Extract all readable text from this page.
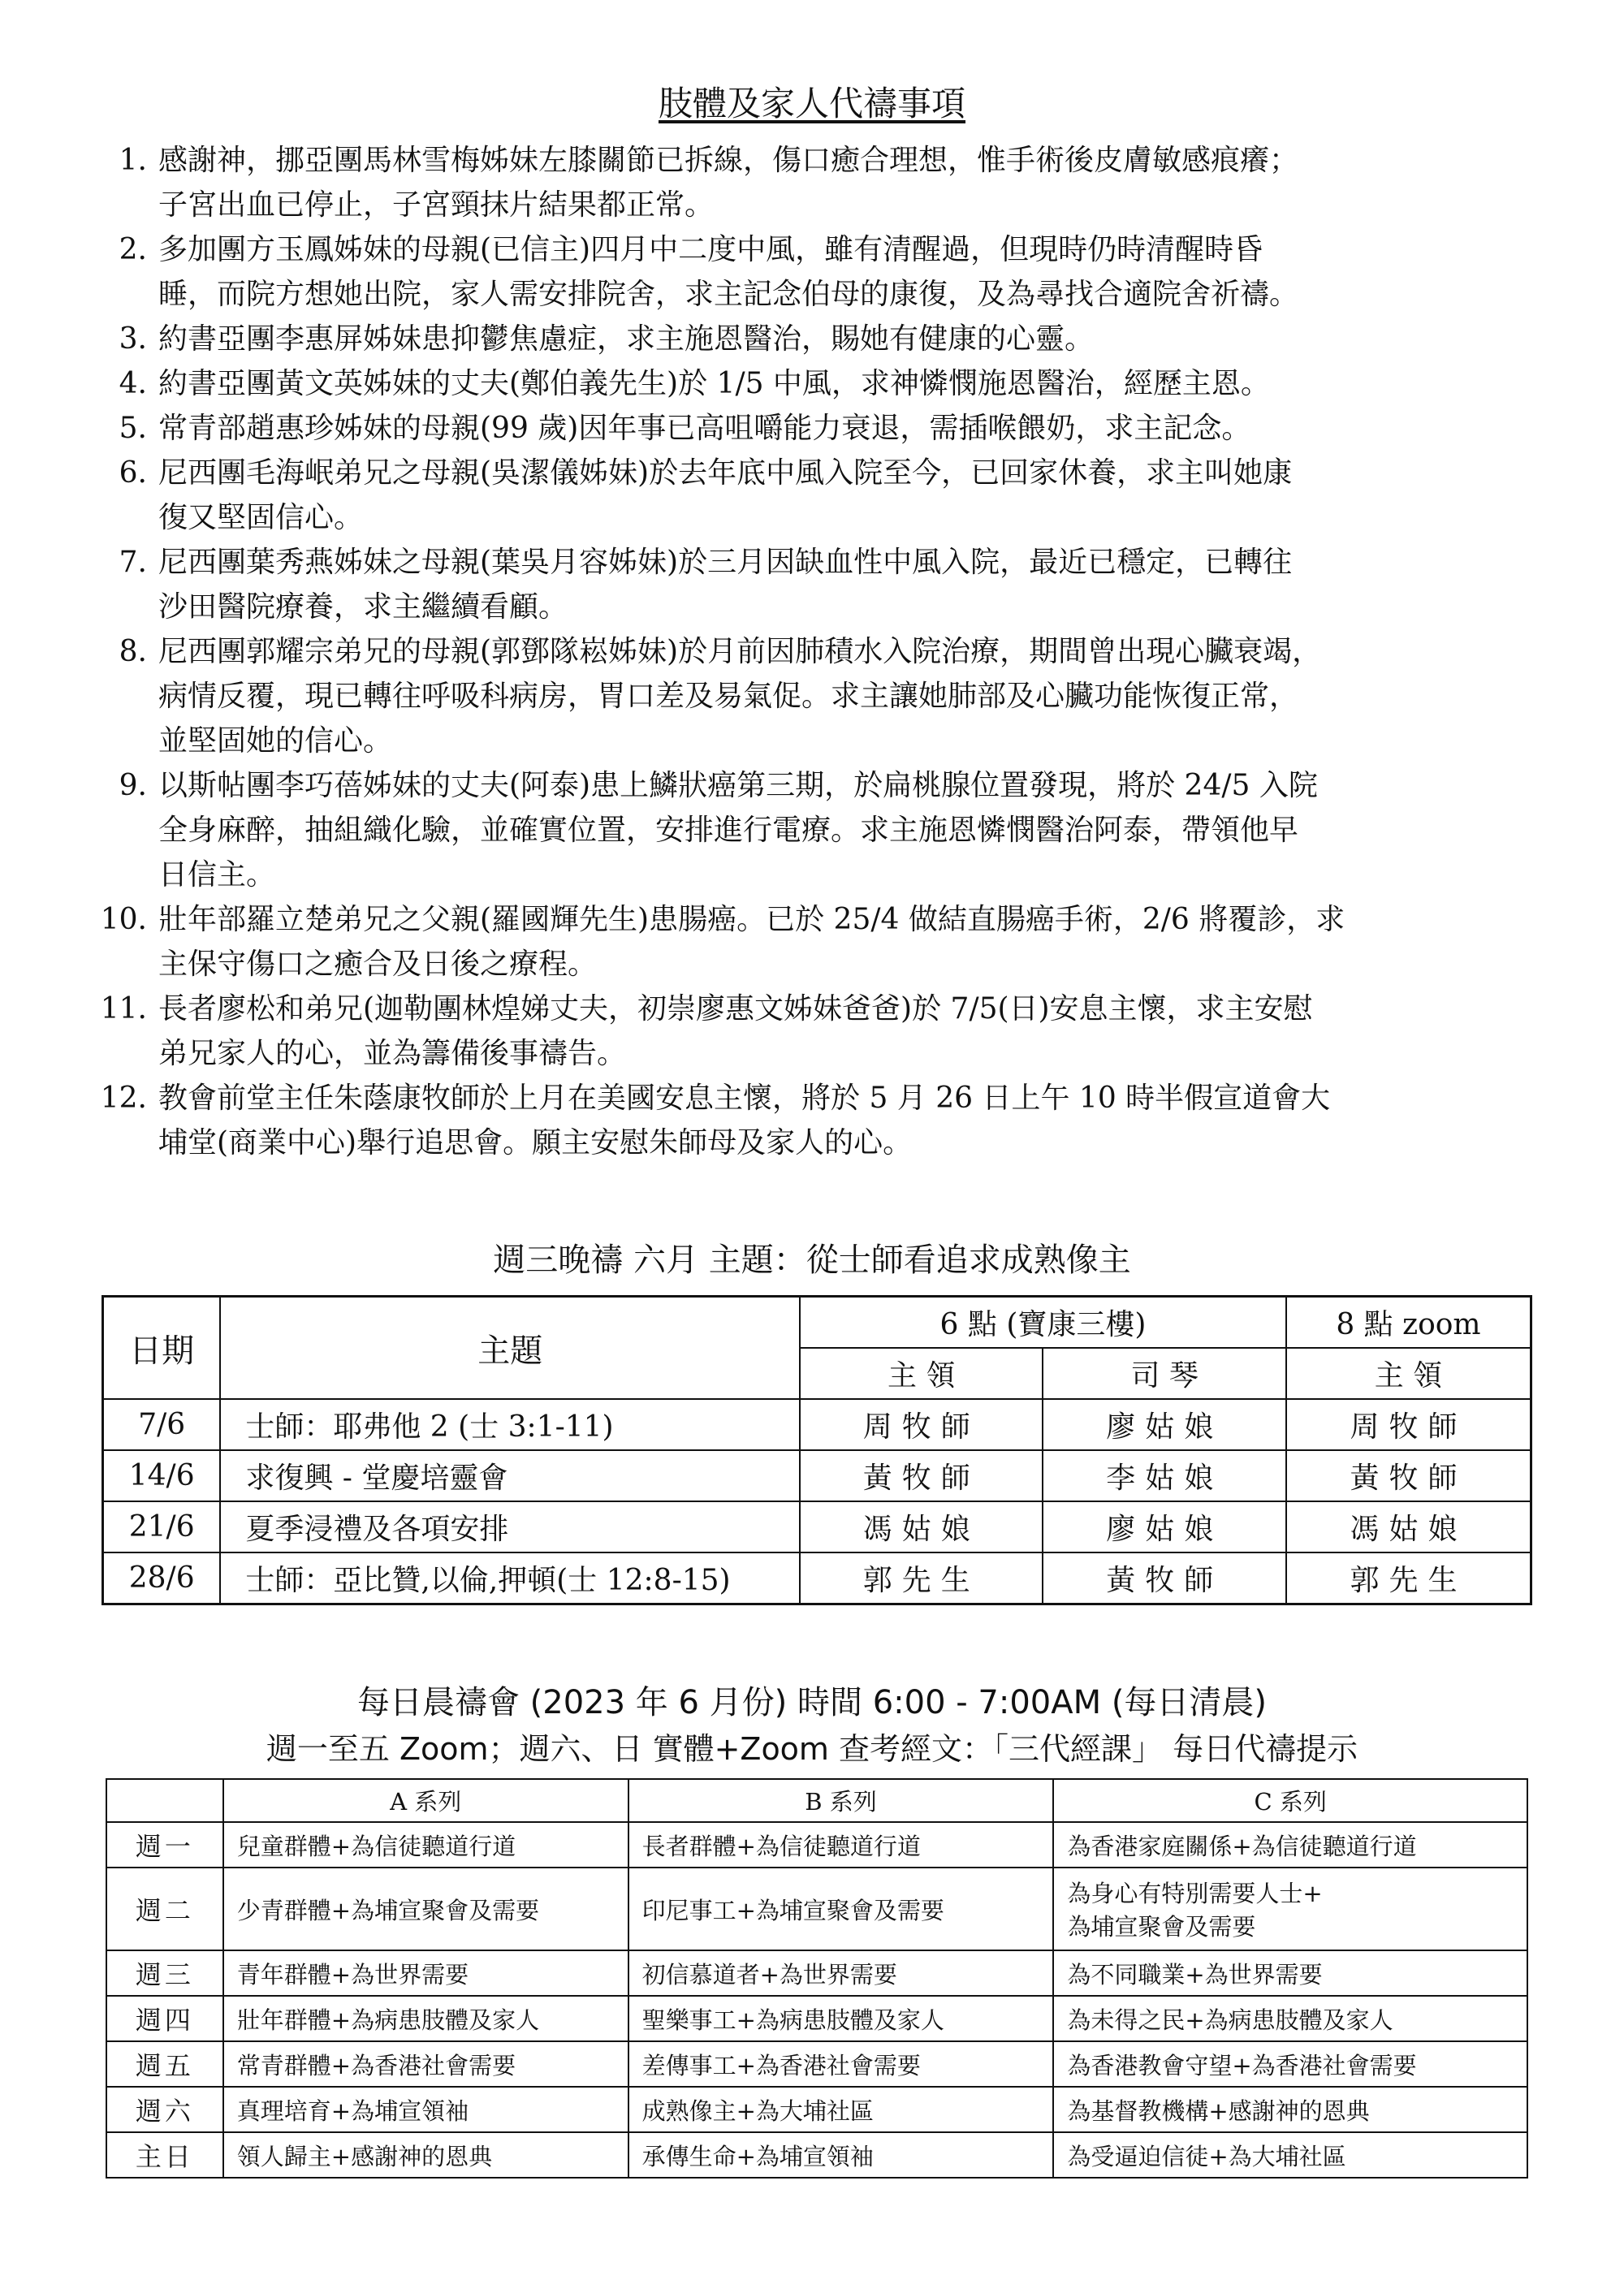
肢體及家人代禱事項
1. 感謝神，挪亞團馬林雪梅姊妹左膝關節已拆線，傷口癒合理想，惟手術後皮膚敏感痕癢；
子宮出血已停止，子宮頸抹片結果都正常。
2. 多加團方玉鳳姊妹的母親(已信主)四月中二度中風，雖有清醒過，但現時仍時清醒時昏
睡，而院方想她出院，家人需安排院舍，求主記念伯母的康復，及為尋找合適院舍祈禱。
3. 約書亞團李惠屏姊妹患抑鬱焦慮症，求主施恩醫治，賜她有健康的心靈。
4. 約書亞團黃文英姊妹的丈夫(鄭伯義先生)於 1/5 中風，求神憐憫施恩醫治，經歷主恩。
5. 常青部趙惠珍姊妹的母親(99 歲)因年事已高咀嚼能力衰退，需插喉餵奶，求主記念。
6. 尼西團毛海岷弟兄之母親(吳潔儀姊妹)於去年底中風入院至今，已回家休養，求主叫她康
復又堅固信心。
7. 尼西團葉秀燕姊妹之母親(葉吳月容姊妹)於三月因缺血性中風入院，最近已穩定，已轉往
沙田醫院療養，求主繼續看顧。
8. 尼西團郭耀宗弟兄的母親(郭鄧隊崧姊妹)於月前因肺積水入院治療，期間曾出現心臟衰竭，
病情反覆，現已轉往呼吸科病房，胃口差及易氣促。求主讓她肺部及心臟功能恢復正常，
並堅固她的信心。
9. 以斯帖團李巧蓓姊妹的丈夫(阿泰)患上鱗狀癌第三期，於扁桃腺位置發現，將於 24/5 入院
全身麻醉，抽組織化驗，並確實位置，安排進行電療。求主施恩憐憫醫治阿泰，帶領他早
日信主。
10. 壯年部羅立楚弟兄之父親(羅國輝先生)患腸癌。已於 25/4 做結直腸癌手術，2/6 將覆診，求
主保守傷口之癒合及日後之療程。
11. 長者廖松和弟兄(迦勒團林煌娣丈夫，初崇廖惠文姊妹爸爸)於 7/5(日)安息主懷，求主安慰
弟兄家人的心，並為籌備後事禱告。
12. 教會前堂主任朱蔭康牧師於上月在美國安息主懷，將於 5 月 26 日上午 10 時半假宣道會大
埔堂(商業中心)舉行追思會。願主安慰朱師母及家人的心。
週三晚禱 六月 主題：從士師看追求成熟像主
日期	主題	6 點 (寶康三樓)		8 點 zoom
		主 領	司 琴	主 領
7/6	士師：耶弗他 2 (士 3:1-11)	周牧師	廖姑娘	周牧師
14/6	求復興 - 堂慶培靈會	黃牧師	李姑娘	黃牧師
21/6	夏季浸禮及各項安排	馮姑娘	廖姑娘	馮姑娘
28/6	士師：亞比贊,以倫,押頓(士 12:8-15)	郭先生	黃牧師	郭先生
每日晨禱會 (2023 年 6 月份) 時間 6:00 - 7:00AM (每日清晨)
週一至五 Zoom；週六、日 實體+Zoom 查考經文：「三代經課」 每日代禱提示
	A 系列	B 系列	C 系列
週一	兒童群體+為信徒聽道行道	長者群體+為信徒聽道行道	為香港家庭關係+為信徒聽道行道
週二	少青群體+為埔宣聚會及需要	印尼事工+為埔宣聚會及需要	為身心有特別需要人士+
為埔宣聚會及需要

週三	青年群體+為世界需要	初信慕道者+為世界需要	為不同職業+為世界需要
週四	壯年群體+為病患肢體及家人	聖樂事工+為病患肢體及家人	為未得之民+為病患肢體及家人
週五	常青群體+為香港社會需要	差傳事工+為香港社會需要	為香港教會守望+為香港社會需要
週六	真理培育+為埔宣領袖	成熟像主+為大埔社區	為基督教機構+感謝神的恩典
主日	領人歸主+感謝神的恩典	承傳生命+為埔宣領袖	為受逼迫信徒+為大埔社區
